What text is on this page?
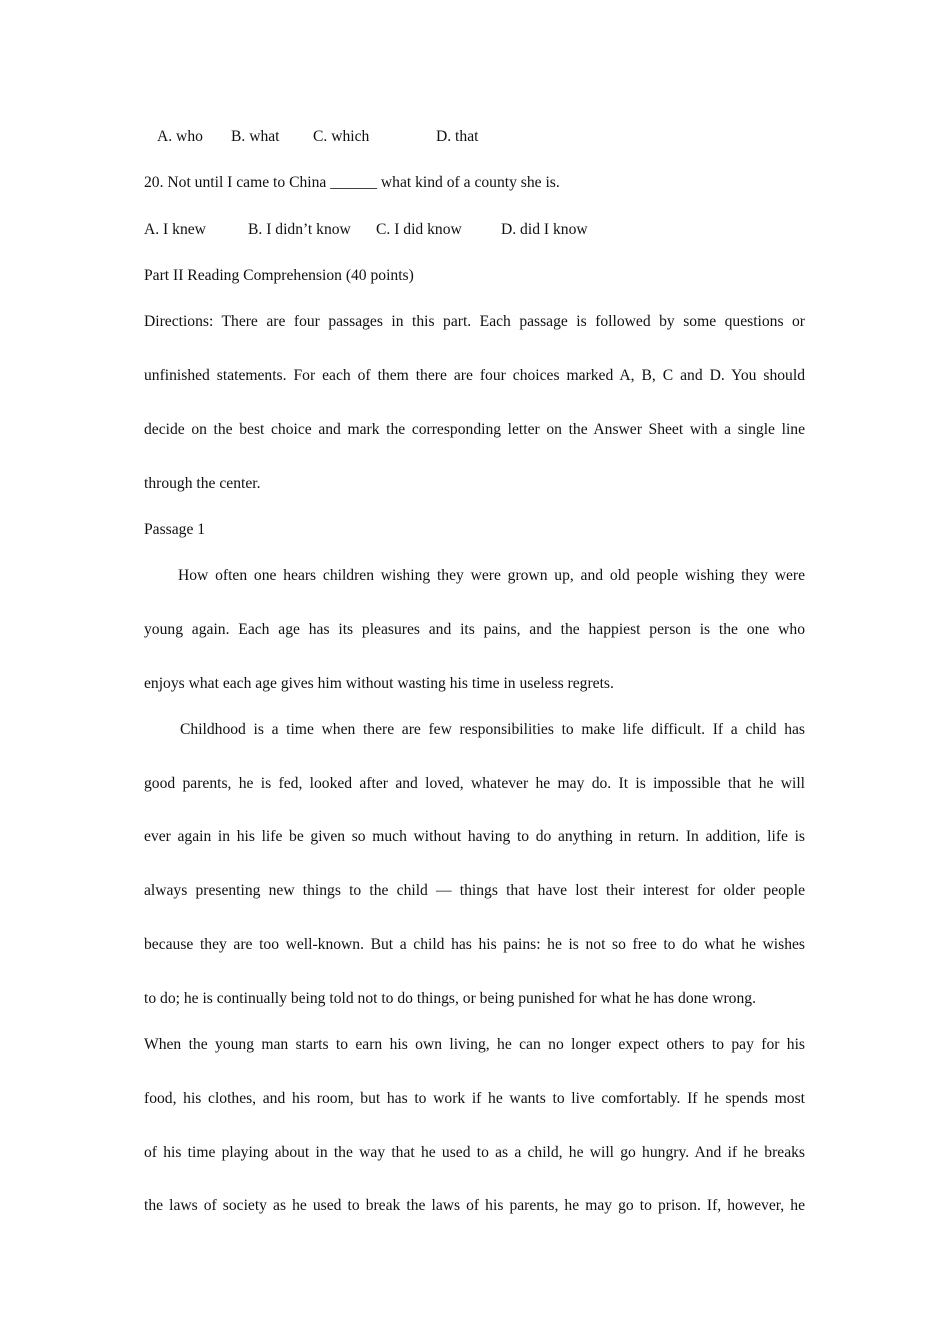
A. who B. what C. which	D. that
20. Not until I came to China ______ what kind of a county she is.
A. I knew	B. I didn’t know C. I did know	D. did I know
Part II Reading Comprehension (40 points)
Directions: There are four passages in this part. Each passage is followed by some questions or
unfinished statements. For each of them there are four choices marked A, B, C and D. You should
decide on the best choice and mark the corresponding letter on the Answer Sheet with a single line
through the center.
Passage 1
How often one hears children wishing they were grown up, and old people wishing they were
young again. Each age has its pleasures and its pains, and the happiest person is the one who
enjoys what each age gives him without wasting his time in useless regrets.
Childhood is a time when there are few responsibilities to make life difficult. If a child has
good parents, he is fed, looked after and loved, whatever he may do. It is impossible that he will
ever again in his life be given so much without having to do anything in return. In addition, life is
always presenting new things to the child — things that have lost their interest for older people
because they are too well-known. But a child has his pains: he is not so free to do what he wishes
to do; he is continually being told not to do things, or being punished for what he has done wrong.
When the young man starts to earn his own living, he can no longer expect others to pay for his
food, his clothes, and his room, but has to work if he wants to live comfortably. If he spends most
of his time playing about in the way that he used to as a child, he will go hungry. And if he breaks
the laws of society as he used to break the laws of his parents, he may go to prison. If, however, he
